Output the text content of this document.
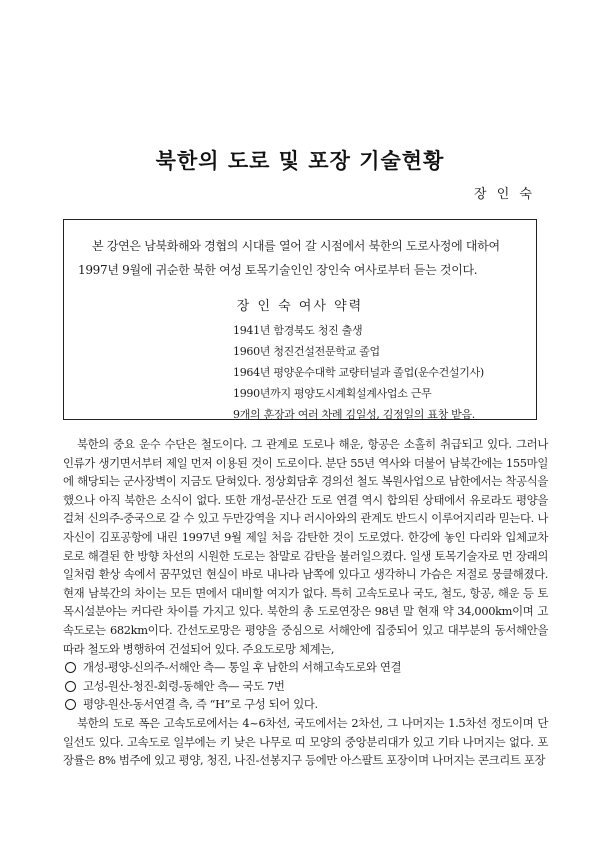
북한의 도로 및 포장 기술현황
장 인 숙

본 강연은 남북화해와 경협의 시대를 열어 갈 시점에서 북한의 도로사정에 대하여 1997년 9월에 귀순한 북한 여성 토목기술인인 장인숙 여사로부터 듣는 것이다.

장 인 숙 여사 약력
1941년 함경북도 청진 출생
1960년 청진건설전문학교 졸업
1964년 평양운수대학 교량터널과 졸업(운수건설기사)
1990년까지 평양도시계획설계사업소 근무
9개의 훈장과 여러 차례 김일성, 김정일의 표창 받음.

북한의 중요 운수 수단은 철도이다. 그 관계로 도로나 해운, 항공은 소홀히 취급되고 있다. 그러나 인류가 생기면서부터 제일 먼저 이용된 것이 도로이다. 분단 55년 역사와 더불어 남북간에는 155마일에 해당되는 군사장벽이 지금도 닫혀있다. 정상회담후 경의선 철도 복원사업으로 남한에서는 착공식을 했으나 아직 북한은 소식이 없다. 또한 개성-문산간 도로 연결 역시 합의된 상태에서 유로라도 평양을 걸쳐 신의주-중국으로 갈 수 있고 두만강역을 지나 러시아와의 관계도 반드시 이루어지리라 믿는다. 나 자신이 김포공항에 내린 1997년 9월 제일 처음 감탄한 것이 도로였다. 한강에 놓인 다리와 입체교차로로 해결된 한 방향 차선의 시원한 도로는 참말로 감탄을 불러일으켰다. 일생 토목기술자로 먼 장래의 일처럼 환상 속에서 꿈꾸었던 현실이 바로 내나라 남쪽에 있다고 생각하니 가슴은 저절로 뭉클해졌다. 현재 남북간의 차이는 모든 면에서 대비할 여지가 없다. 특히 고속도로나 국도, 철도, 항공, 해운 등 토목시설분야는 커다란 차이를 가지고 있다. 북한의 총 도로연장은 98년 말 현재 약 34,000km이며 고속도로는 682km이다. 간선도로망은 평양을 중심으로 서해안에 집중되어 있고 대부분의 동서해안을 따라 철도와 병행하여 건설되어 있다. 주요도로망 체계는,

개성-평양-신의주-서해안 측— 통일 후 남한의 서해고속도로와 연결
고성-원산-청진-회령-동해안 측— 국도 7번
평양-원산-동서연결 측, 즉 “H”로 구성 되어 있다.

북한의 도로 폭은 고속도로에서는 4~6차선, 국도에서는 2차선, 그 나머지는 1.5차선 정도이며 단일선도 있다. 고속도로 일부에는 키 낮은 나무로 띠 모양의 중앙분리대가 있고 기타 나머지는 없다. 포장률은 8% 범주에 있고 평양, 청진, 나진-선봉지구 등에만 아스팔트 포장이며 나머지는 콘크리트 포장
